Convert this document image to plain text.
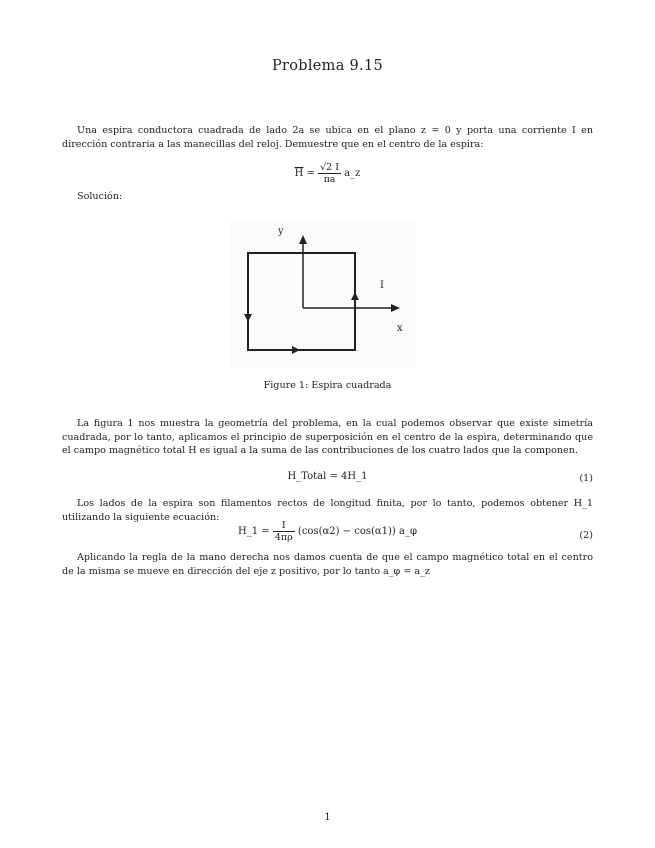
Problema 9.15
Una espira conductora cuadrada de lado 2a se ubica en el plano z = 0 y porta una corriente I en dirección contraria a las manecillas del reloj. Demuestre que en el centro de la espira:
$\overline{H} = \frac{√2 I}{\pi a}$ a_z
Solución:
y
x
I
Figure 1: Espira cuadrada
La figura 1 nos muestra la geometría del problema, en la cual podemos observar que existe simetría cuadrada, por lo tanto, aplicamos el principio de superposición en el centro de la espira, determinando que el campo magnético total H es igual a la suma de las contribuciones de los cuatro lados que la componen.
H_Total = 4H_1	(1)
Los lados de la espira son filamentos rectos de longitud finita, por lo tanto, podemos obtener H_1 utilizando la siguiente ecuación:
H_1 = $\frac{I}{4\pi\rho} (\cos(\alpha 2) - \cos(\alpha 1))$ a_φ	(2)
Aplicando la regla de la mano derecha nos damos cuenta de que el campo magnético total en el centro de la misma se mueve en dirección del eje z positivo, por lo tanto a_φ = a_z
1
